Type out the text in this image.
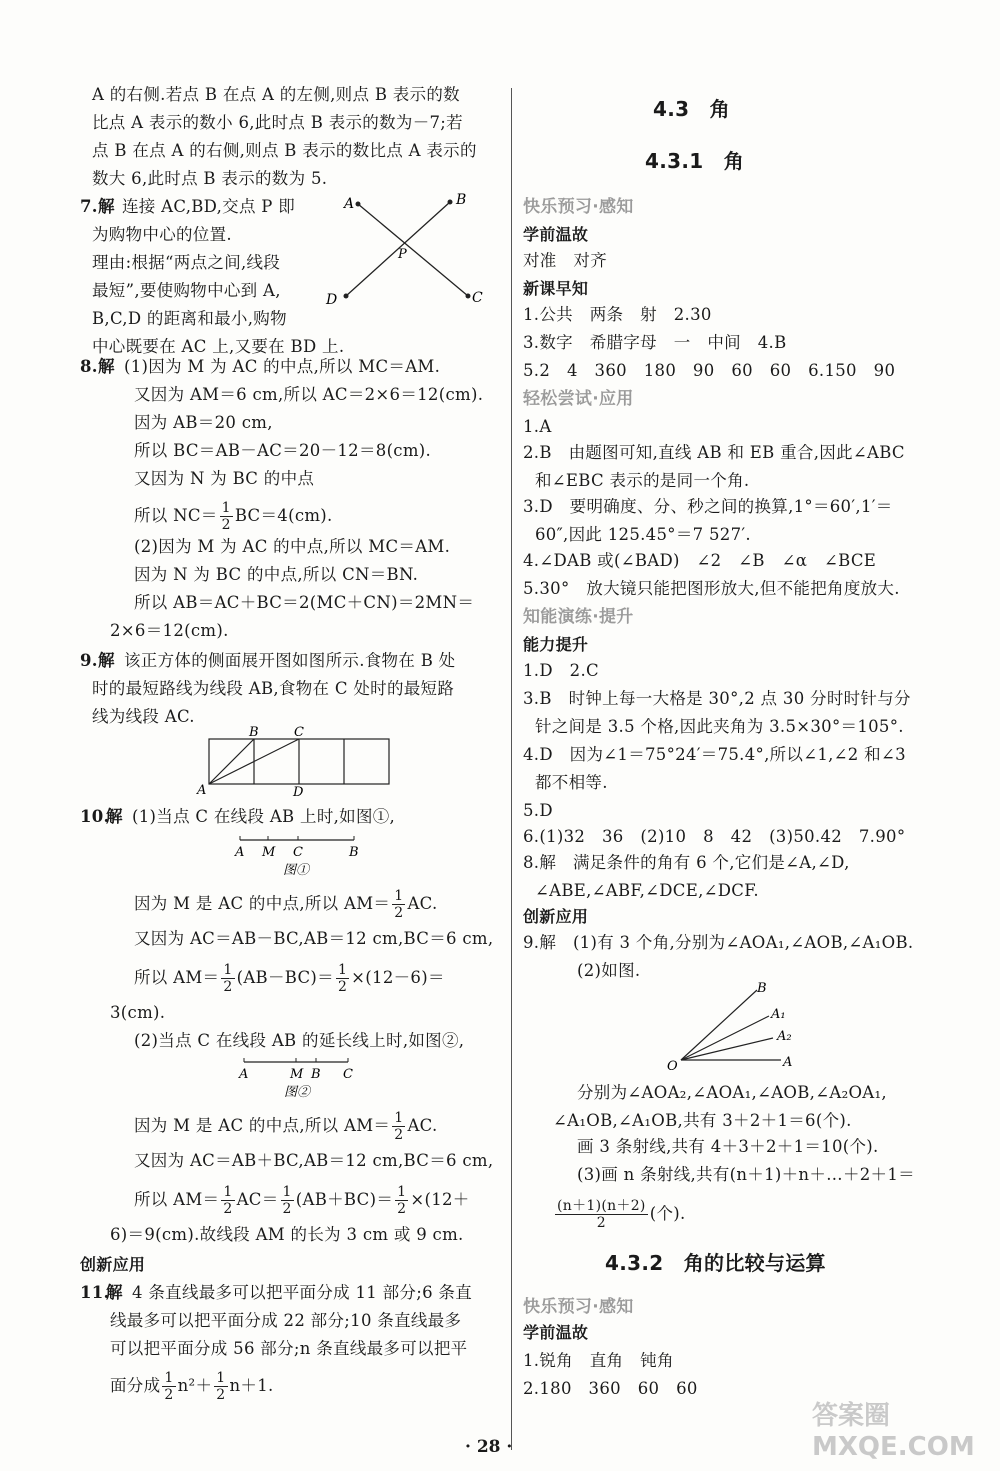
A 的右侧.若点 B 在点 A 的左侧,则点 B 表示的数
比点 A 表示的数小 6,此时点 B 表示的数为－7;若
点 B 在点 A 的右侧,则点 B 表示的数比点 A 表示的
数大 6,此时点 B 表示的数为 5.
7. 解 连接 AC,BD,交点 P 即
为购物中心的位置.
理由:根据“两点之间,线段
最短”,要使购物中心到 A,
B,C,D 的距离和最小,购物
中心既要在 AC 上,又要在 BD 上.
A	B
C
D
P
8. 解 (1)因为 M 为 AC 的中点,所以 MC＝AM.
又因为 AM＝6 cm,所以 AC＝2×6＝12(cm).
因为 AB＝20 cm,
所以 BC＝AB－AC＝20－12＝8(cm).
又因为 N 为 BC 的中点
所以 $NC= \frac{1}{2} BC=4(cm)$.
(2)因为 M 为 AC 的中点,所以 MC＝AM.
因为 N 为 BC 的中点,所以 CN＝BN.
所以 AB＝AC＋BC＝2(MC＋CN)＝2MN＝
2×6＝12(cm).
9. 解 该正方体的侧面展开图如图所示.食物在 B 处
时的最短路线为线段 AB,食物在 C 处时的最短路
线为线段 AC.
B	C
A	D
10.
解 (1)当点 C 在线段 AB 上时,如图①,
A M C	B
图①
因为 M 是 AC 的中点,所以 $AM= \frac{1}{2}$ AC.
又因为 AC＝AB－BC,AB＝12 cm,BC＝6 cm,
所以 $AM= \frac{1}{2} (AB-BC)= \frac{1}{2} \times(12-6)=$
3(cm).
(2)当点 C 在线段 AB 的延长线上时,如图②,
A	M B C
图②
因为 M 是 AC 的中点,所以 $AM= \frac{1}{2}$ AC.
又因为 AC＝AB＋BC,AB＝12 cm,BC＝6 cm,
所以 $AM= \frac{1}{2} AC= \frac{1}{2} (AB+BC)= \frac{1}{2} \times(12+$
6)＝9(cm).故线段 AM 的长为 3 cm 或 9 cm.
创新应用
11.
解 4 条直线最多可以把平面分成 11 部分;6 条直
线最多可以把平面分成 22 部分;10 条直线最多
可以把平面分成 56 部分;n 条直线最多可以把平
面分成 $\frac{1}{2} n^2+ \frac{1}{2} n+1$.
4.3　角
4.3.1　角
快乐预习·感知
学前温故
对准　对齐
新课早知
1.公共　两条　射　2.30
3.数字　希腊字母　一　中间　4.B
5.2　4　360　180　90　60　60　6.150　90
轻松尝试·应用
1.A
2.B　由题图可知,直线 AB 和 EB 重合,因此∠ABC
和∠EBC 表示的是同一个角.
3.D　要明确度、分、秒之间的换算,1°＝60′,1′＝
60″,因此 125.45°＝7 527′.
4.∠DAB 或(∠BAD)　∠2　∠B　∠α　∠BCE
5.30°　放大镜只能把图形放大,但不能把角度放大.
知能演练·提升
能力提升
1.D　2.C
3.B　时钟上每一大格是 30°,2 点 30 分时时针与分
针之间是 3.5 个格,因此夹角为 3.5×30°＝105°.
4.D　因为∠1＝75°24′＝75.4°,所以∠1,∠2 和∠3
都不相等.
5.D
6.(1)32　36　(2)10　8　42　(3)50.42　7.90°
8.解　满足条件的角有 6 个,它们是∠A,∠D,
∠ABE,∠ABF,∠DCE,∠DCF.
创新应用
9.解　(1)有 3 个角,分别为∠AOA₁,∠AOB,∠A₁OB.
(2)如图.
O
B
A₁
A₂
A
分别为∠AOA₂,∠AOA₁,∠AOB,∠A₂OA₁,
∠A₁OB,∠A₁OB,共有 3＋2＋1＝6(个).
画 3 条射线,共有 4＋3＋2＋1＝10(个).
(3)画 n 条射线,共有(n＋1)＋n＋…＋2＋1＝
$\frac{(n+1)(n+2)}{2}$ (个).
4.3.2　角的比较与运算
快乐预习·感知
学前温故
1.锐角　直角　钝角
2.180　360　60　60
· 28 ·
答案圈 MXQE.COM
